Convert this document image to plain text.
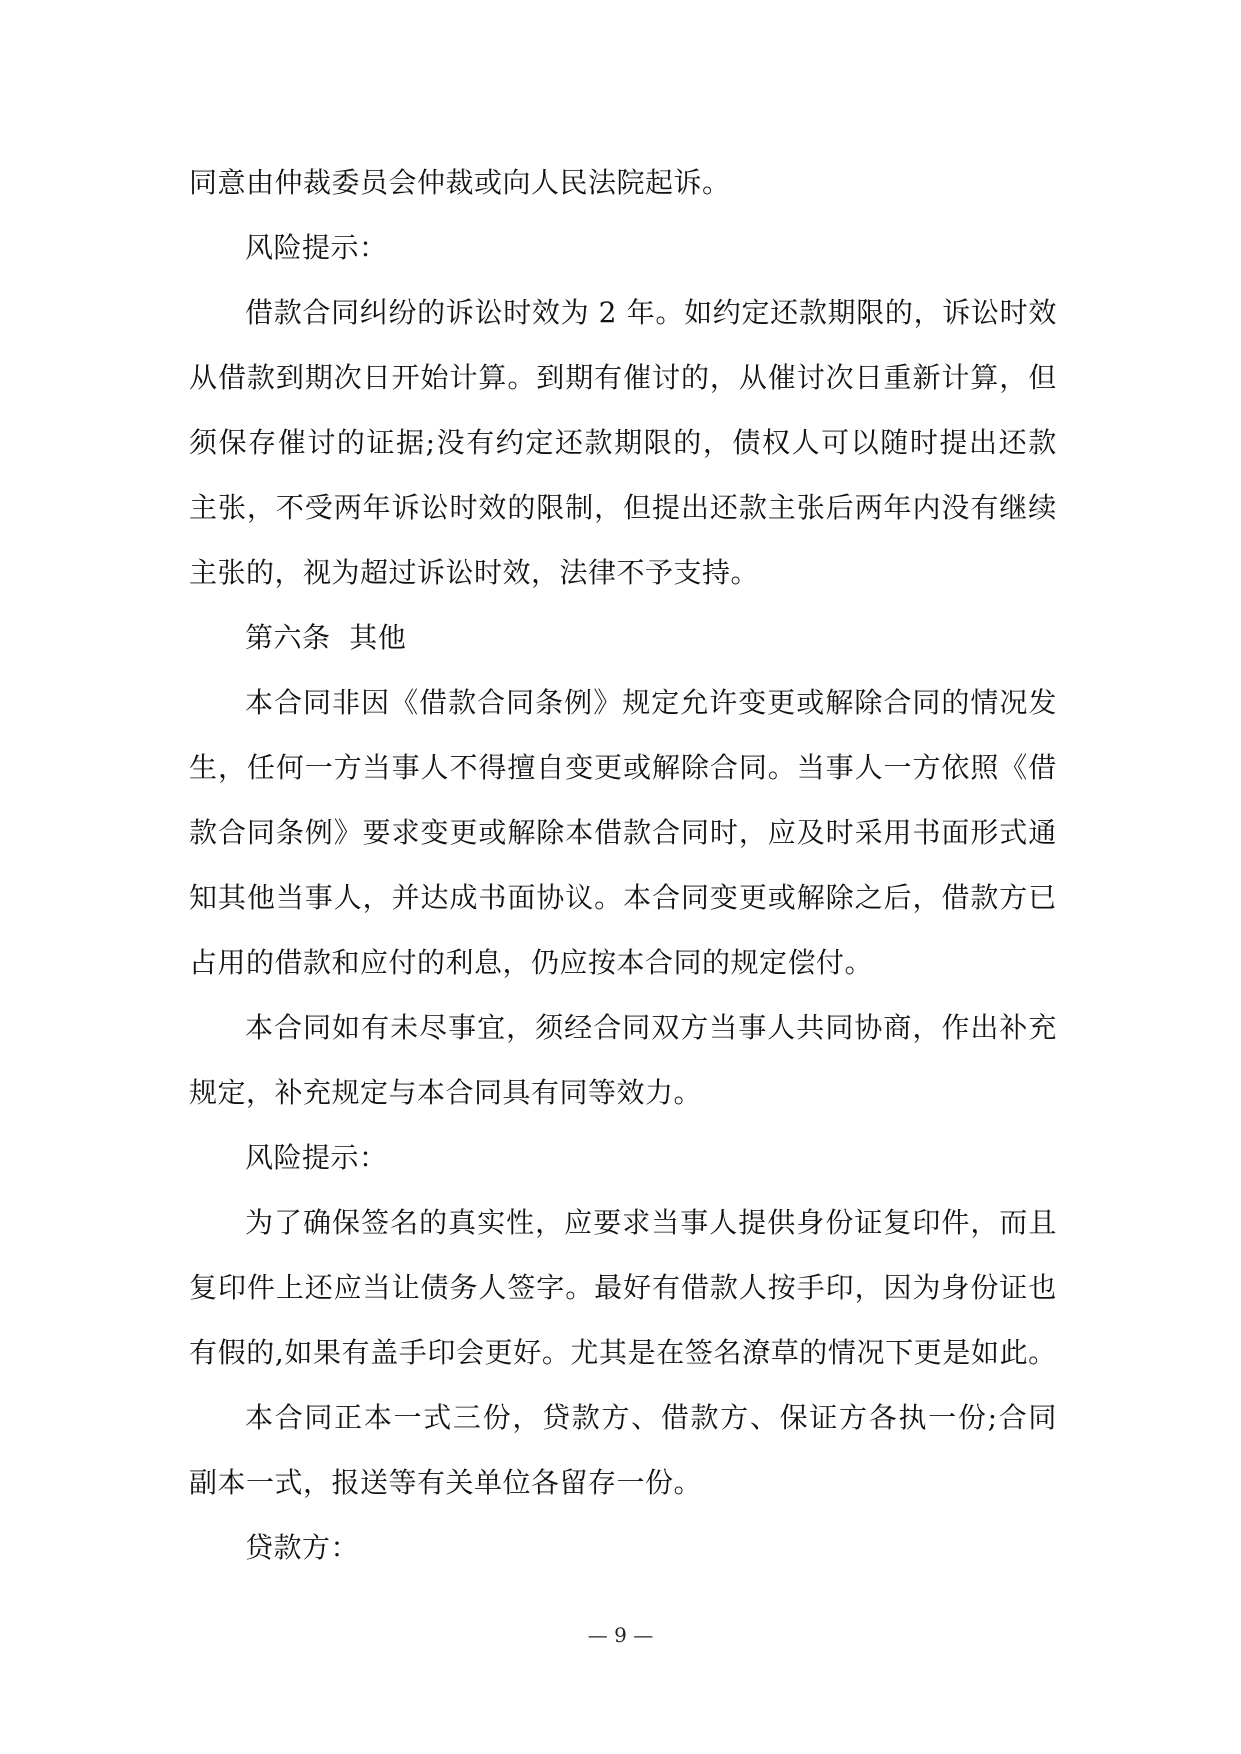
同意由仲裁委员会仲裁或向人民法院起诉。
风险提示：
借 款 合 同 纠 纷 的 诉 讼 时 效 为 2
年 。 如 约 定 还 款 期 限 的 ， 诉 讼 时 效
从 借 款 到 期 次 日 开 始 计 算 。 到 期 有 催 讨 的 ， 从 催 讨 次 日 重 新 计 算 ， 但
须 保 存 催 讨 的 证 据 ; 没 有 约 定 还 款 期 限 的 ， 债 权 人 可 以 随 时 提 出 还 款
主 张 ， 不 受 两 年 诉 讼 时 效 的 限 制 ， 但 提 出 还 款 主 张 后 两 年 内 没 有 继 续
主张的，视为超过诉讼时效，法律不予支持。
第六条  其他
本 合 同 非 因 《 借 款 合 同 条 例 》 规 定 允 许 变 更 或 解 除 合 同 的 情 况 发
生 ， 任 何 一 方 当 事 人 不 得 擅 自 变 更 或 解 除 合 同 。 当 事 人 一 方 依 照 《 借
款 合 同 条 例 》 要 求 变 更 或 解 除 本 借 款 合 同 时 ， 应 及 时 采 用 书 面 形 式 通
知 其 他 当 事 人 ， 并 达 成 书 面 协 议 。 本 合 同 变 更 或 解 除 之 后 ， 借 款 方 已
占用的借款和应付的利息，仍应按本合同的规定偿付。
本 合 同 如 有 未 尽 事 宜 ， 须 经 合 同 双 方 当 事 人 共 同 协 商 ， 作 出 补 充
规定，补充规定与本合同具有同等效力。
风险提示：
为 了 确 保 签 名 的 真 实 性 ， 应 要 求 当 事 人 提 供 身 份 证 复 印 件 ， 而 且
复 印 件 上 还 应 当 让 债 务 人 签 字 。 最 好 有 借 款 人 按 手 印 ， 因 为 身 份 证 也
有 假 的 , 如 果 有 盖 手 印 会 更 好 。 尤 其 是 在 签 名 潦 草 的 情 况 下 更 是 如 此 。
本 合 同 正 本 一 式 三 份 ， 贷 款 方 、 借 款 方 、 保 证 方 各 执 一 份 ; 合 同
副本一式，报送等有关单位各留存一份。
贷款方：
— 9 —
